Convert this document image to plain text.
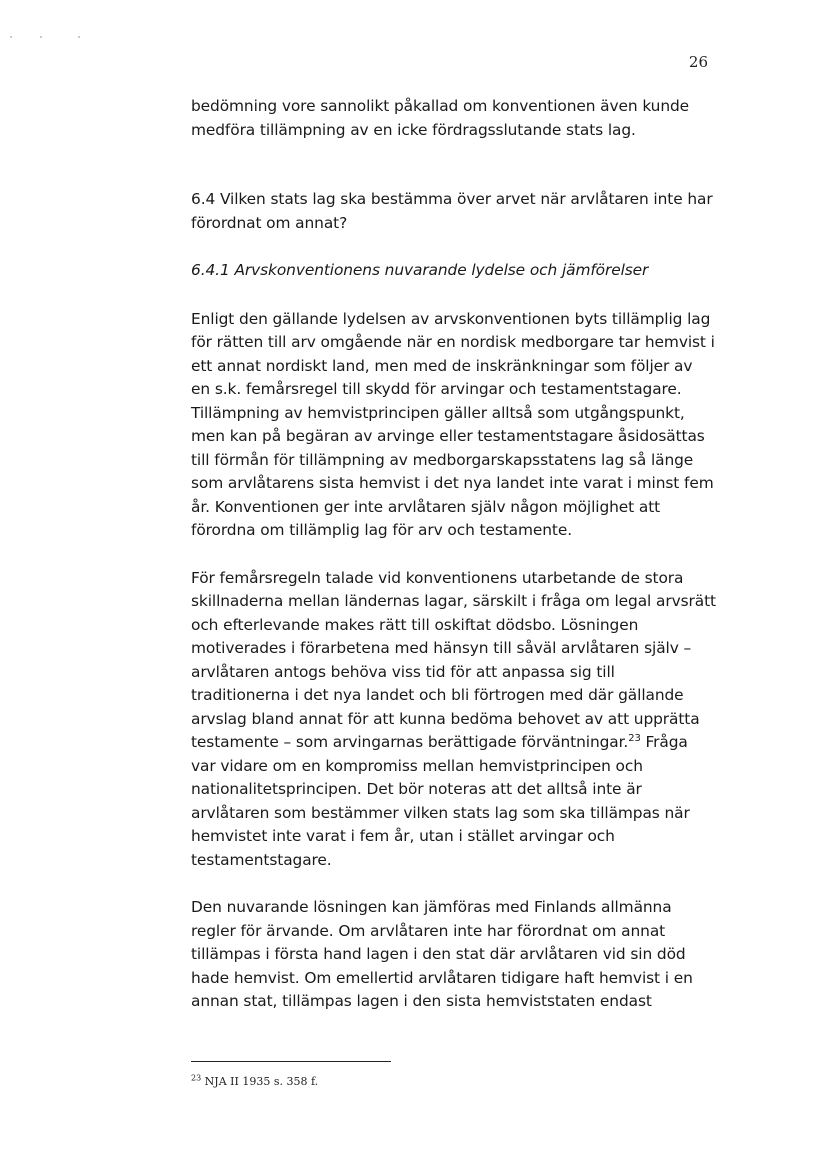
26

bedömning vore sannolikt påkallad om konventionen även kunde medföra tillämpning av en icke fördragsslutande stats lag.

6.4 Vilken stats lag ska bestämma över arvet när arvlåtaren inte har förordnat om annat?

6.4.1 Arvskonventionens nuvarande lydelse och jämförelser

Enligt den gällande lydelsen av arvskonventionen byts tillämplig lag för rätten till arv omgående när en nordisk medborgare tar hemvist i ett annat nordiskt land, men med de inskränkningar som följer av en s.k. femårsregel till skydd för arvingar och testamentstagare. Tillämpning av hemvistprincipen gäller alltså som utgångspunkt, men kan på begäran av arvinge eller testamentstagare åsidosättas till förmån för tillämpning av medborgarskapsstatens lag så länge som arvlåtarens sista hemvist i det nya landet inte varat i minst fem år. Konventionen ger inte arvlåtaren själv någon möjlighet att förordna om tillämplig lag för arv och testamente.

För femårsregeln talade vid konventionens utarbetande de stora skillnaderna mellan ländernas lagar, särskilt i fråga om legal arvsrätt och efterlevande makes rätt till oskiftat dödsbo. Lösningen motiverades i förarbetena med hänsyn till såväl arvlåtaren själv – arvlåtaren antogs behöva viss tid för att anpassa sig till traditionerna i det nya landet och bli förtrogen med där gällande arvslag bland annat för att kunna bedöma behovet av att upprätta testamente – som arvingarnas berättigade förväntningar.$^{23}$ Fråga var vidare om en kompromiss mellan hemvistprincipen och nationalitetsprincipen. Det bör noteras att det alltså inte är arvlåtaren som bestämmer vilken stats lag som ska tillämpas när hemvistet inte varat i fem år, utan i stället arvingar och testamentstagare.

Den nuvarande lösningen kan jämföras med Finlands allmänna regler för ärvande. Om arvlåtaren inte har förordnat om annat tillämpas i första hand lagen i den stat där arvlåtaren vid sin död hade hemvist. Om emellertid arvlåtaren tidigare haft hemvist i en annan stat, tillämpas lagen i den sista hemviststaten endast

$^{23}$ NJA II 1935 s. 358 f.
